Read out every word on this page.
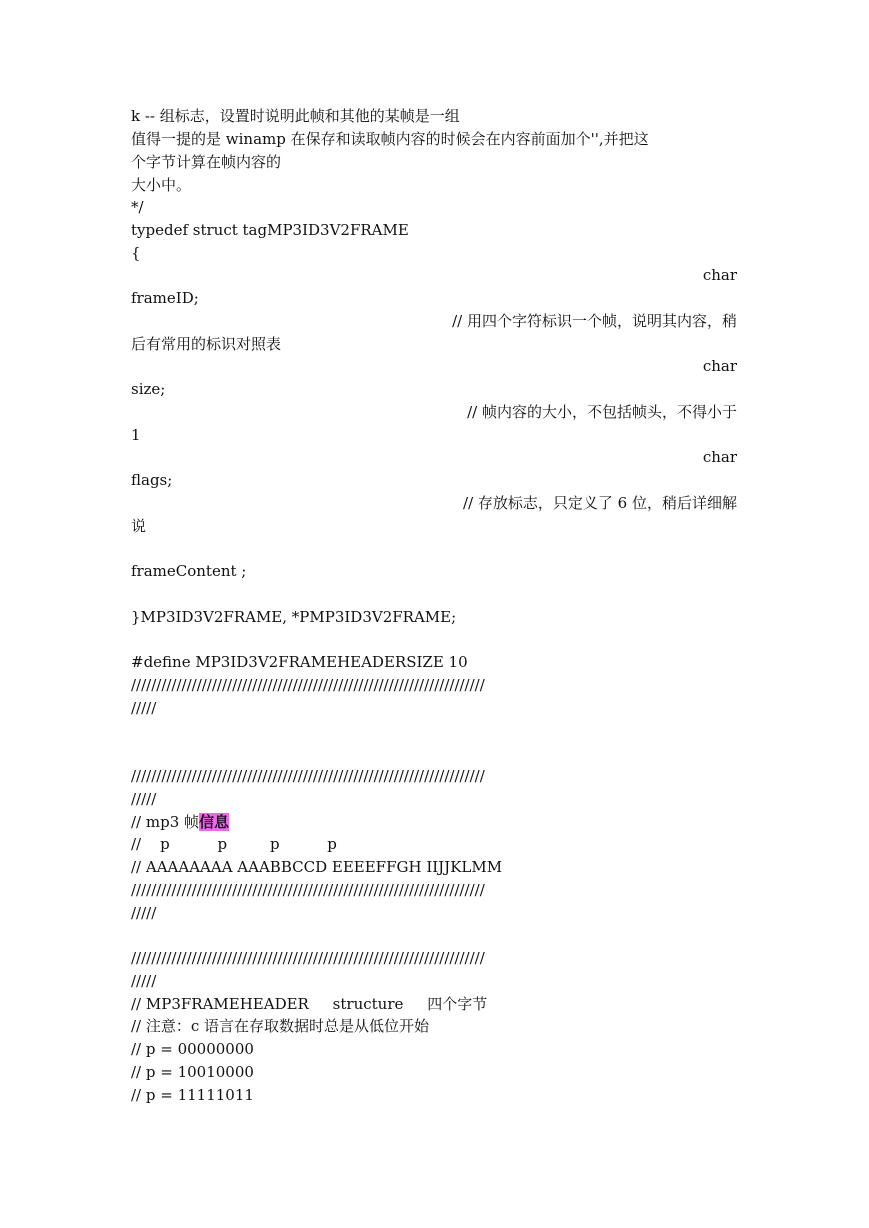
k -- 组标志，设置时说明此帧和其他的某帧是一组
值得一提的是 winamp 在保存和读取帧内容的时候会在内容前面加个'',并把这
个字节计算在帧内容的
大小中。
*/
typedef struct tagMP3ID3V2FRAME
{
char
frameID;
// 用四个字符标识一个帧，说明其内容，稍
后有常用的标识对照表
char
size;
// 帧内容的大小，不包括帧头，不得小于
1
char
flags;
// 存放标志，只定义了 6 位，稍后详细解
说

frameContent ;

}MP3ID3V2FRAME, *PMP3ID3V2FRAME;
#define MP3ID3V2FRAMEHEADERSIZE 10
//////////////////////////////////////////////////////////////////////
/////
//////////////////////////////////////////////////////////////////////
/////
// mp3 帧信息
//    p          p         p          p
// AAAAAAAA AAABBCCD EEEEFFGH IIJJKLMM
//////////////////////////////////////////////////////////////////////
/////
//////////////////////////////////////////////////////////////////////
/////
// MP3FRAMEHEADER     structure     四个字节
// 注意：c 语言在存取数据时总是从低位开始
// p = 00000000
// p = 10010000
// p = 11111011
